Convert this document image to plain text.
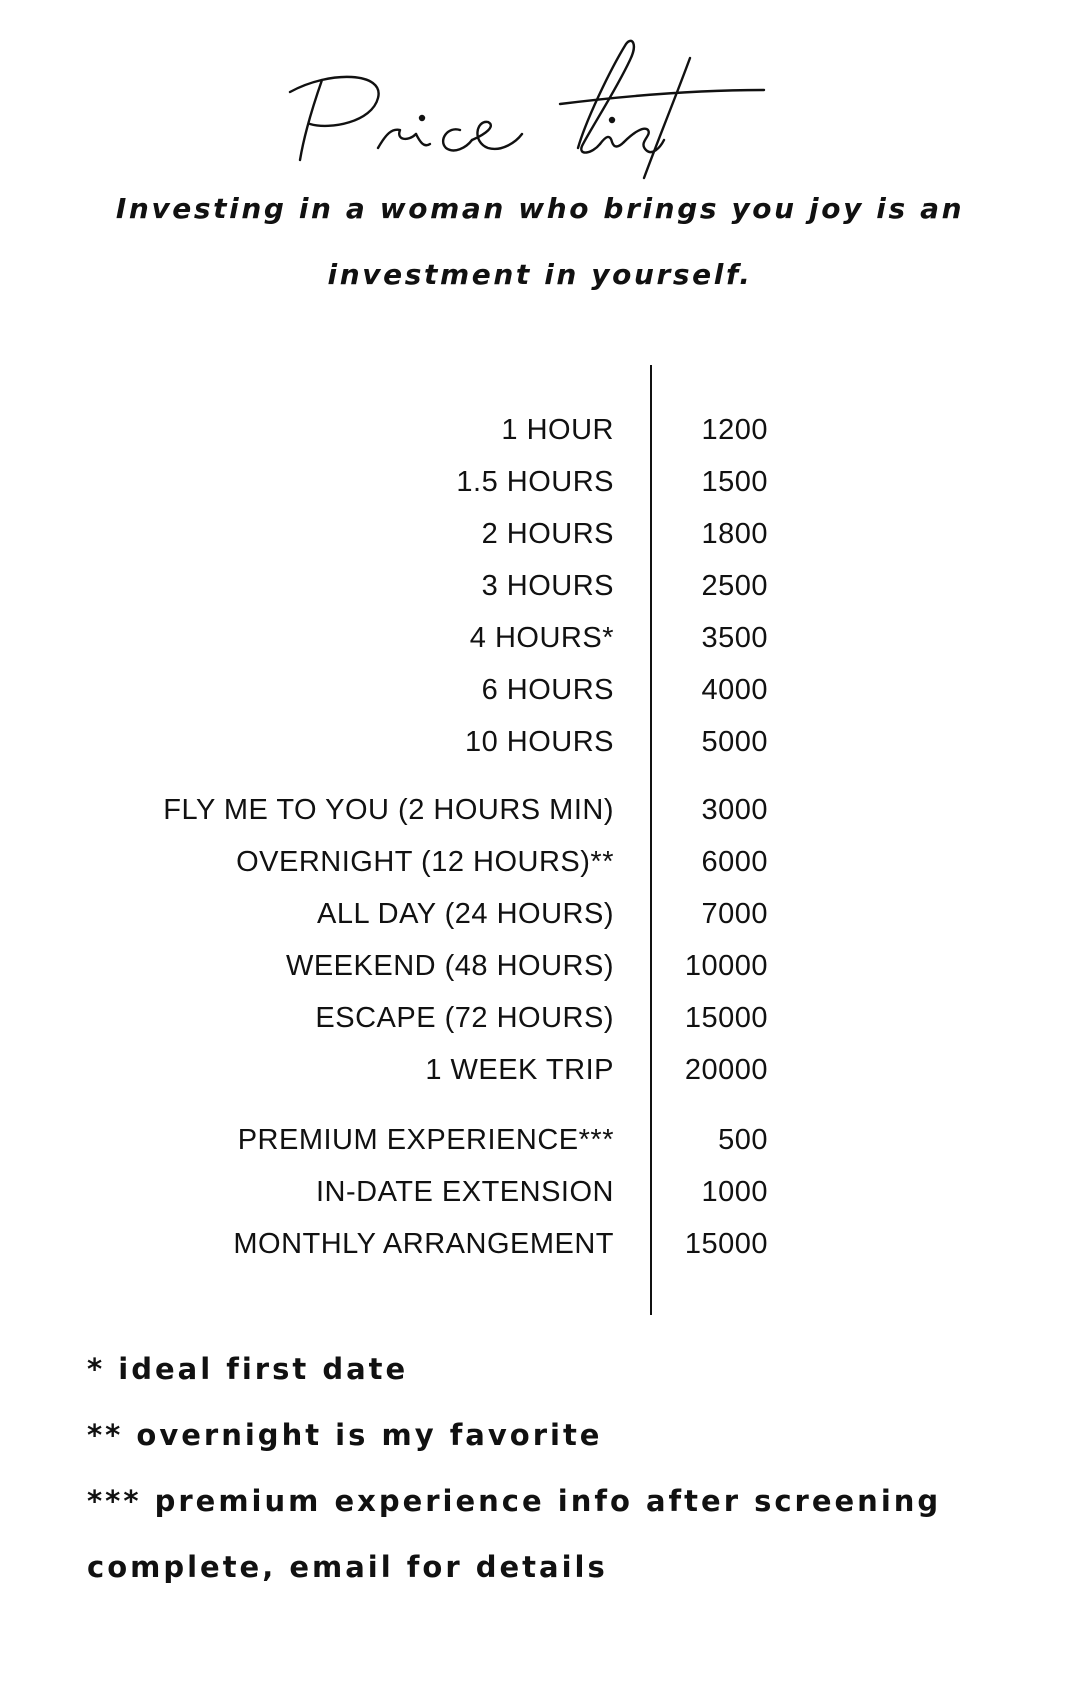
Investing in a woman who brings you joy is an
investment in yourself.
1 HOUR	1200
1.5 HOURS	1500
2 HOURS	1800
3 HOURS	2500
4 HOURS*	3500
6 HOURS	4000
10 HOURS	5000
FLY ME TO YOU (2 HOURS MIN)	3000
OVERNIGHT (12 HOURS)**	6000
ALL DAY (24 HOURS)	7000
WEEKEND (48 HOURS) 10000
ESCAPE (72 HOURS) 15000
1 WEEK TRIP 20000
PREMIUM EXPERIENCE***	500
IN-DATE EXTENSION	1000
MONTHLY ARRANGEMENT 15000
* ideal first date
** overnight is my favorite
*** premium experience info after screening
complete, email for details
